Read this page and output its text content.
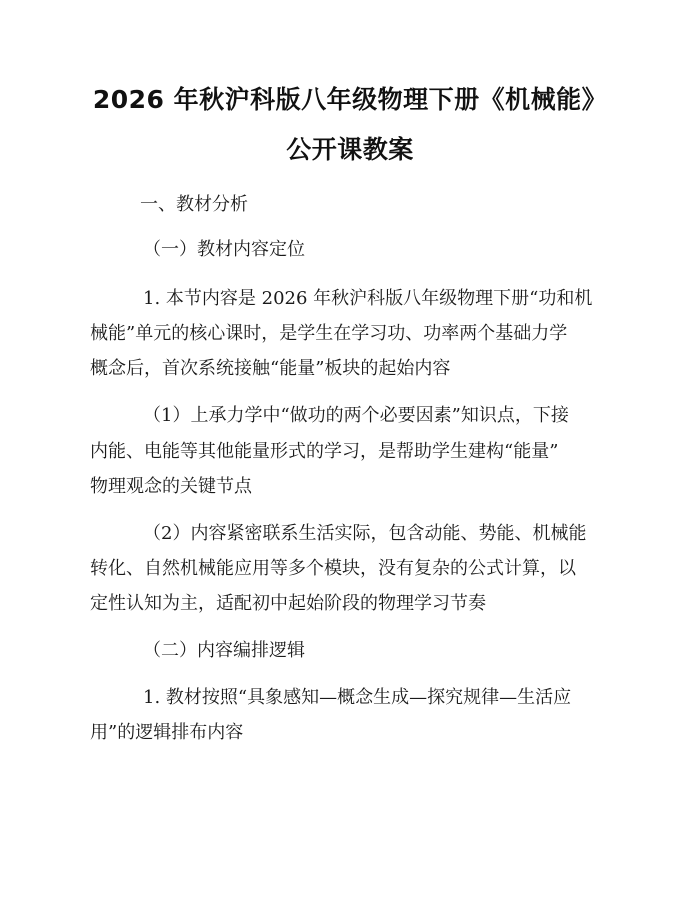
2026 年秋沪科版八年级物理下册《机械能》
公开课教案
一、教材分析
（一）教材内容定位
1. 本节内容是 2026 年秋沪科版八年级物理下册“功和机
械能”单元的核心课时，是学生在学习功、功率两个基础力学
概念后，首次系统接触“能量”板块的起始内容
（1）上承力学中“做功的两个必要因素”知识点，下接
内能、电能等其他能量形式的学习，是帮助学生建构“能量”
物理观念的关键节点
（2）内容紧密联系生活实际，包含动能、势能、机械能
转化、自然机械能应用等多个模块，没有复杂的公式计算，以
定性认知为主，适配初中起始阶段的物理学习节奏
（二）内容编排逻辑
1. 教材按照“具象感知—概念生成—探究规律—生活应
用”的逻辑排布内容
